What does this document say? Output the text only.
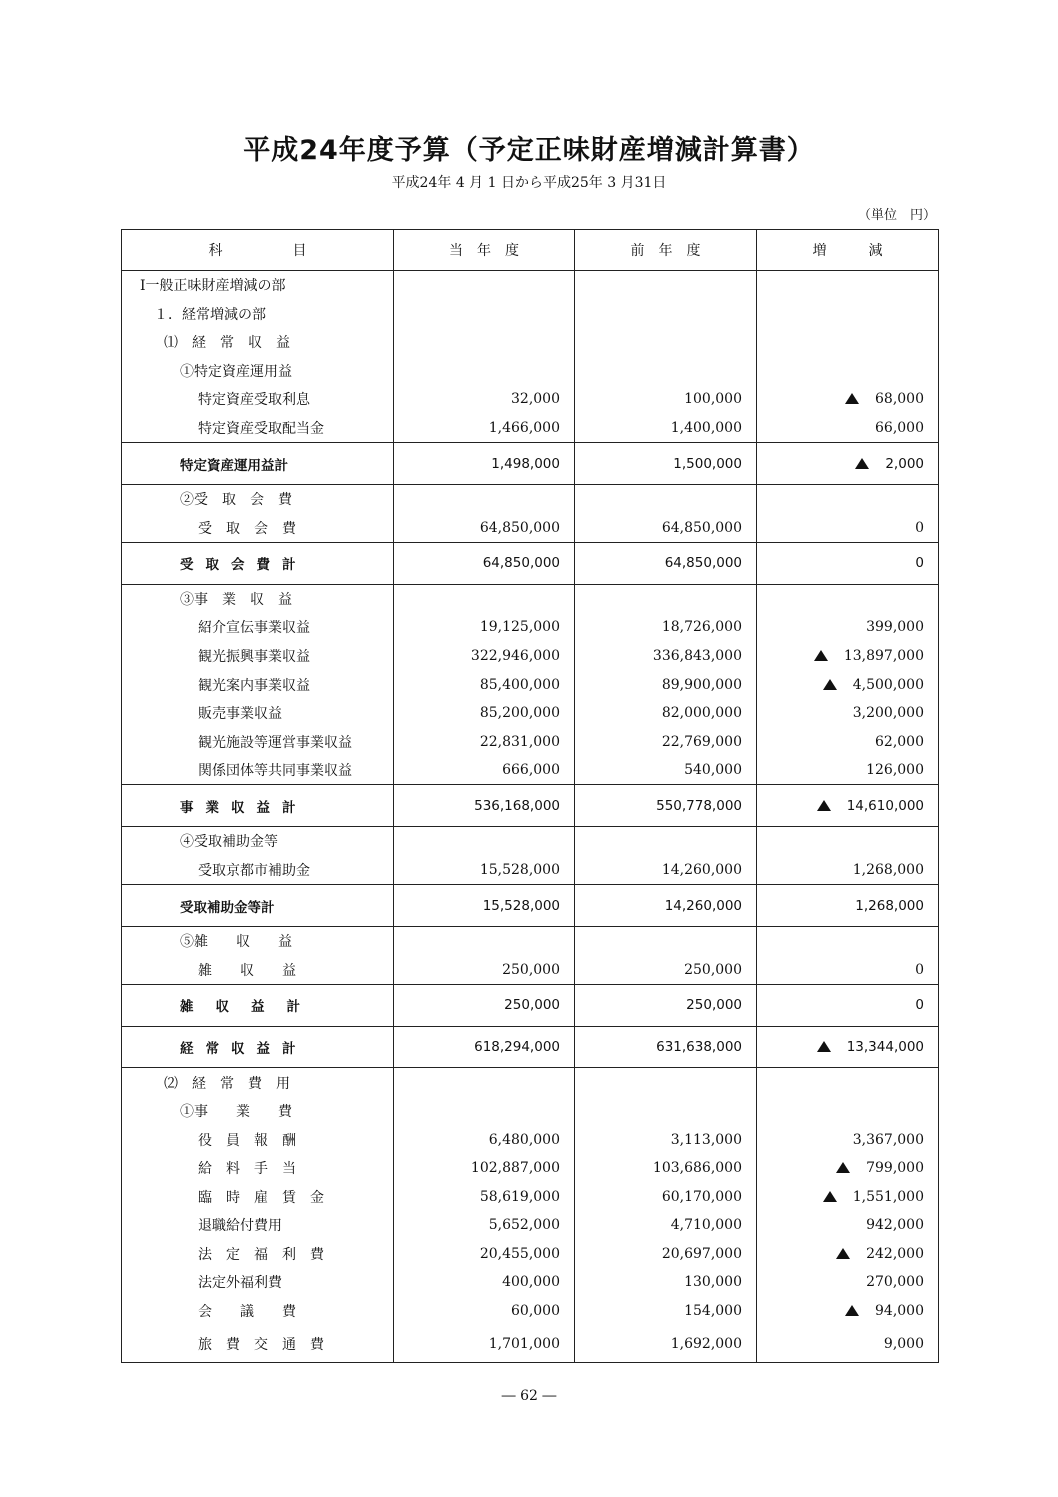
平成24年度予算（予定正味財産増減計算書）
平成24年 4 月 1 日から平成25年 3 月31日
（単位　円）
科　　　　　目	当　年　度	前　年　度	増　　　減
Ⅰ一般正味財産増減の部			
１．経常増減の部			
⑴　経　常　収　益			
①特定資産運用益			
特定資産受取利息	32,000	100,000	68,000
特定資産受取配当金	1,466,000	1,400,000	66,000
特定資産運用益計	1,498,000	1,500,000	2,000
②受　取　会　費			
受　取　会　費	64,850,000	64,850,000	0
受取会費計	64,850,000	64,850,000	0
③事　業　収　益			
紹介宣伝事業収益	19,125,000	18,726,000	399,000
観光振興事業収益	322,946,000	336,843,000	13,897,000
観光案内事業収益	85,400,000	89,900,000	4,500,000
販売事業収益	85,200,000	82,000,000	3,200,000
観光施設等運営事業収益	22,831,000	22,769,000	62,000
関係団体等共同事業収益	666,000	540,000	126,000
事業収益計	536,168,000	550,778,000	14,610,000
④受取補助金等			
受取京都市補助金	15,528,000	14,260,000	1,268,000
受取補助金等計	15,528,000	14,260,000	1,268,000
⑤雑　　収　　益			
雑　　収　　益	250,000	250,000	0
雑収益計	250,000	250,000	0
経常収益計	618,294,000	631,638,000	13,344,000
⑵　経　常　費　用			
①事　　業　　費			
役　員　報　酬	6,480,000	3,113,000	3,367,000
給　料　手　当	102,887,000	103,686,000	799,000
臨　時　雇　賃　金	58,619,000	60,170,000	1,551,000
退職給付費用	5,652,000	4,710,000	942,000
法　定　福　利　費	20,455,000	20,697,000	242,000
法定外福利費	400,000	130,000	270,000
会　　議　　費	60,000	154,000	94,000
旅　費　交　通　費	1,701,000	1,692,000	9,000
― 62 ―
